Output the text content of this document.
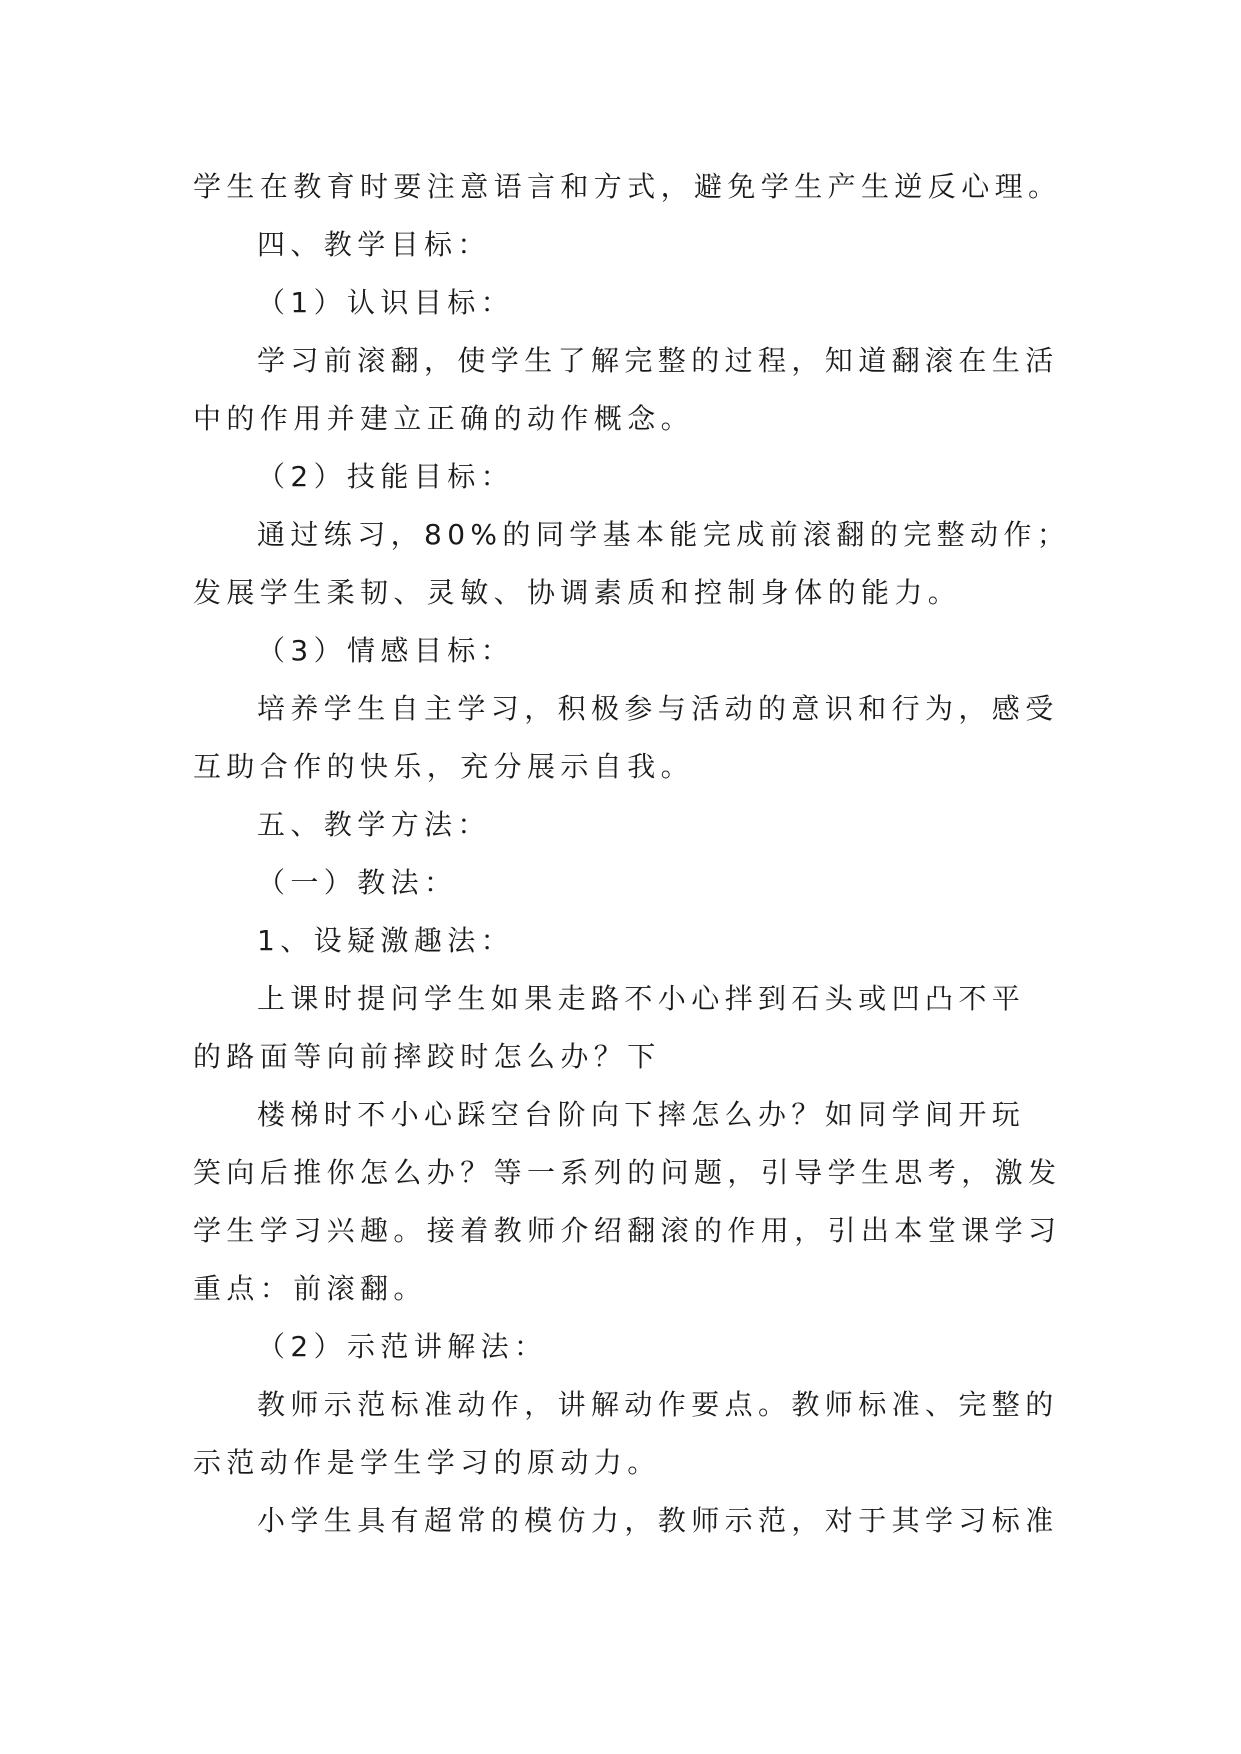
学生在教育时要注意语言和方式，避免学生产生逆反心理。
四、教学目标：
（1）认识目标：
学习前滚翻，使学生了解完整的过程，知道翻滚在生活
中的作用并建立正确的动作概念。
（2）技能目标：
通过练习，80%的同学基本能完成前滚翻的完整动作；
发展学生柔韧、灵敏、协调素质和控制身体的能力。
（3）情感目标：
培养学生自主学习，积极参与活动的意识和行为，感受
互助合作的快乐，充分展示自我。
五、教学方法：
（一）教法：
1、设疑激趣法：
上课时提问学生如果走路不小心拌到石头或凹凸不平
的路面等向前摔跤时怎么办？下
楼梯时不小心踩空台阶向下摔怎么办？如同学间开玩
笑向后推你怎么办？等一系列的问题，引导学生思考，激发
学生学习兴趣。接着教师介绍翻滚的作用，引出本堂课学习
重点：前滚翻。
（2）示范讲解法：
教师示范标准动作，讲解动作要点。教师标准、完整的
示范动作是学生学习的原动力。
小学生具有超常的模仿力，教师示范，对于其学习标准
